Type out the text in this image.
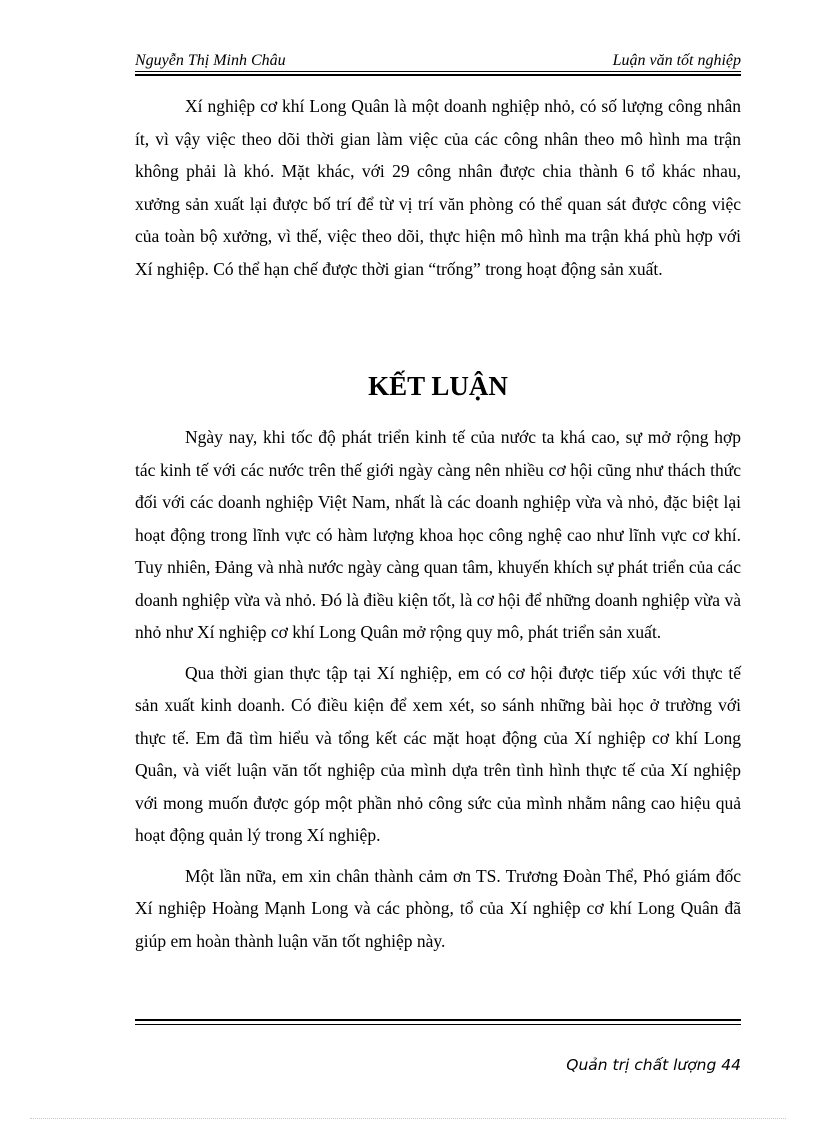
Nguyễn Thị Minh Châu	Luận văn tốt nghiệp

Xí nghiệp cơ khí Long Quân là một doanh nghiệp nhỏ, có số lượng công nhân ít, vì vậy việc theo dõi thời gian làm việc của các công nhân theo mô hình ma trận không phải là khó. Mặt khác, với 29 công nhân được chia thành 6 tổ khác nhau, xưởng sản xuất lại được bố trí để từ vị trí văn phòng có thể quan sát được công việc của toàn bộ xưởng, vì thế, việc theo dõi, thực hiện mô hình ma trận khá phù hợp với Xí nghiệp. Có thể hạn chế được thời gian “trống” trong hoạt động sản xuất.

KẾT LUẬN

Ngày nay, khi tốc độ phát triển kinh tế của nước ta khá cao, sự mở rộng hợp tác kinh tế với các nước trên thế giới ngày càng nên nhiều cơ hội cũng như thách thức đối với các doanh nghiệp Việt Nam, nhất là các doanh nghiệp vừa và nhỏ, đặc biệt lại hoạt động trong lĩnh vực có hàm lượng khoa học công nghệ cao như lĩnh vực cơ khí. Tuy nhiên, Đảng và nhà nước ngày càng quan tâm, khuyến khích sự phát triển của các doanh nghiệp vừa và nhỏ. Đó là điều kiện tốt, là cơ hội để những doanh nghiệp vừa và nhỏ như Xí nghiệp cơ khí Long Quân mở rộng quy mô, phát triển sản xuất.

Qua thời gian thực tập tại Xí nghiệp, em có cơ hội được tiếp xúc với thực tế sản xuất kinh doanh. Có điều kiện để xem xét, so sánh những bài học ở trường với thực tế. Em đã tìm hiểu và tổng kết các mặt hoạt động của Xí nghiệp cơ khí Long Quân, và viết luận văn tốt nghiệp của mình dựa trên tình hình thực tế của Xí nghiệp với mong muốn được góp một phần nhỏ công sức của mình nhằm nâng cao hiệu quả hoạt động quản lý trong Xí nghiệp.

Một lần nữa, em xin chân thành cảm ơn TS. Trương Đoàn Thể, Phó giám đốc Xí nghiệp Hoàng Mạnh Long và các phòng, tổ của Xí nghiệp cơ khí Long Quân đã giúp em hoàn thành luận văn tốt nghiệp này.

Quản trị chất lượng 44
